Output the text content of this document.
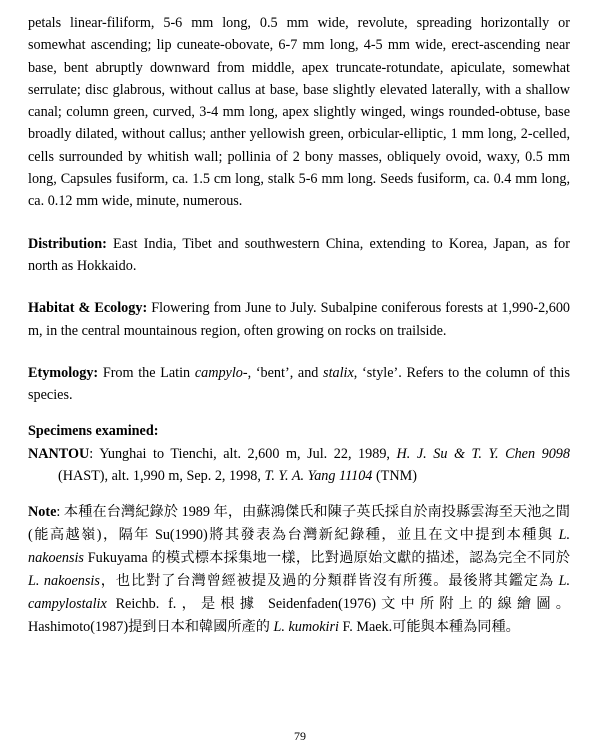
petals linear-filiform, 5-6 mm long, 0.5 mm wide, revolute, spreading horizontally or somewhat ascending; lip cuneate-obovate, 6-7 mm long, 4-5 mm wide, erect-ascending near base, bent abruptly downward from middle, apex truncate-rotundate, apiculate, somewhat serrulate; disc glabrous, without callus at base, base slightly elevated laterally, with a shallow canal; column green, curved, 3-4 mm long, apex slightly winged, wings rounded-obtuse, base broadly dilated, without callus; anther yellowish green, orbicular-elliptic, 1 mm long, 2-celled, cells surrounded by whitish wall; pollinia of 2 bony masses, obliquely ovoid, waxy, 0.5 mm long, Capsules fusiform, ca. 1.5 cm long, stalk 5-6 mm long. Seeds fusiform, ca. 0.4 mm long, ca. 0.12 mm wide, minute, numerous.

Distribution: East India, Tibet and southwestern China, extending to Korea, Japan, as for north as Hokkaido.

Habitat & Ecology: Flowering from June to July. Subalpine coniferous forests at 1,990-2,600 m, in the central mountainous region, often growing on rocks on trailside.

Etymology: From the Latin campylo-, ‘bent’, and stalix, ‘style’. Refers to the column of this species.

Specimens examined:

NANTOU: Yunghai to Tienchi, alt. 2,600 m, Jul. 22, 1989, H. J. Su & T. Y. Chen 9098 (HAST), alt. 1,990 m, Sep. 2, 1998, T. Y. A. Yang 11104 (TNM)

Note: 本種在台灣紀錄於 1989 年，由蘇鴻傑氏和陳子英氏採自於南投縣雲海至天池之間(能高越嶺)，隔年 Su(1990)將其發表為台灣新紀錄種，並且在文中提到本種與 L. nakoensis Fukuyama 的模式標本採集地一樣，比對過原始文獻的描述，認為完全不同於 L. nakoensis，也比對了台灣曾經被提及過的分類群皆沒有所獲。最後將其鑑定為 L. campylostalix Reichb. f.，是根據 Seidenfaden(1976)文中所附上的線繪圖。Hashimoto(1987)提到日本和韓國所產的 L. kumokiri F. Maek.可能與本種為同種。

79
